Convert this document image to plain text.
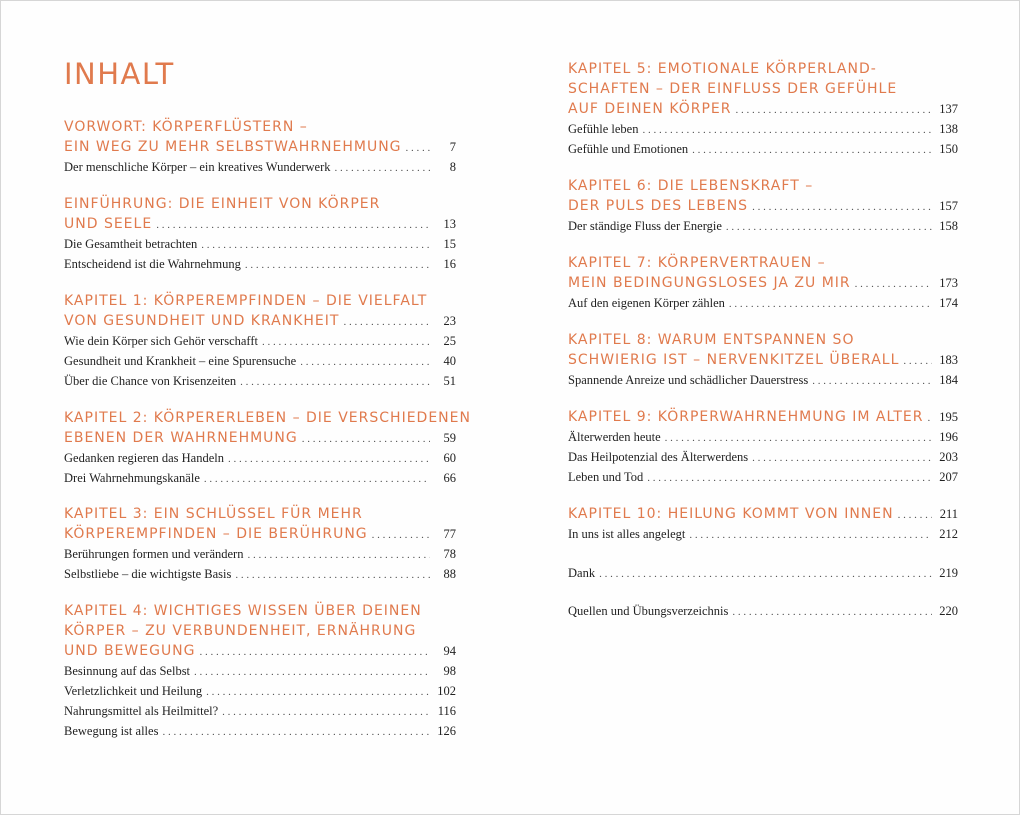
INHALT
VORWORT: KÖRPERFLÜSTERN –
EIN WEG ZU MEHR SELBSTWAHRNEHMUNG . . .	7
Der menschliche Körper – ein kreatives Wunderwerk . . .	8
EINFÜHRUNG: DIE EINHEIT VON KÖRPER
UND SEELE . . .	13
Die Gesamtheit betrachten . . .	15
Entscheidend ist die Wahrnehmung . . .	16
KAPITEL 1: KÖRPEREMPFINDEN – DIE VIELFALT
VON GESUNDHEIT UND KRANKHEIT . . .	23
Wie dein Körper sich Gehör verschafft . . .	25
Gesundheit und Krankheit – eine Spurensuche . . .	40
Über die Chance von Krisenzeiten . . .	51
KAPITEL 2: KÖRPERERLEBEN – DIE VERSCHIEDENEN
EBENEN DER WAHRNEHMUNG . . .	59
Gedanken regieren das Handeln . . .	60
Drei Wahrnehmungskanäle . . .	66
KAPITEL 3: EIN SCHLÜSSEL FÜR MEHR
KÖRPEREMPFINDEN – DIE BERÜHRUNG . . .	77
Berührungen formen und verändern . . .	78
Selbstliebe – die wichtigste Basis . . .	88
KAPITEL 4: WICHTIGES WISSEN ÜBER DEINEN
KÖRPER – ZU VERBUNDENHEIT, ERNÄHRUNG
UND BEWEGUNG . . .	94
Besinnung auf das Selbst . . .	98
Verletzlichkeit und Heilung . . .	102
Nahrungsmittel als Heilmittel? . . .	116
Bewegung ist alles . . .	126
KAPITEL 5: EMOTIONALE KÖRPERLAND-
SCHAFTEN – DER EINFLUSS DER GEFÜHLE
AUF DEINEN KÖRPER . . .	137
Gefühle leben . . .	138
Gefühle und Emotionen . . .	150
KAPITEL 6: DIE LEBENSKRAFT –
DER PULS DES LEBENS . . .	157
Der ständige Fluss der Energie . . .	158
KAPITEL 7: KÖRPERVERTRAUEN –
MEIN BEDINGUNGSLOSES JA ZU MIR . . .	173
Auf den eigenen Körper zählen . . .	174
KAPITEL 8: WARUM ENTSPANNEN SO
SCHWIERIG IST – NERVENKITZEL ÜBERALL . . .	183
Spannende Anreize und schädlicher Dauerstress . . .	184
KAPITEL 9: KÖRPERWAHRNEHMUNG IM ALTER . . . 195
Älterwerden heute . . .	196
Das Heilpotenzial des Älterwerdens . . .	203
Leben und Tod . . .	207
KAPITEL 10: HEILUNG KOMMT VON INNEN . . .	211
In uns ist alles angelegt . . .	212
Dank . . .	219
Quellen und Übungsverzeichnis . . .	220
